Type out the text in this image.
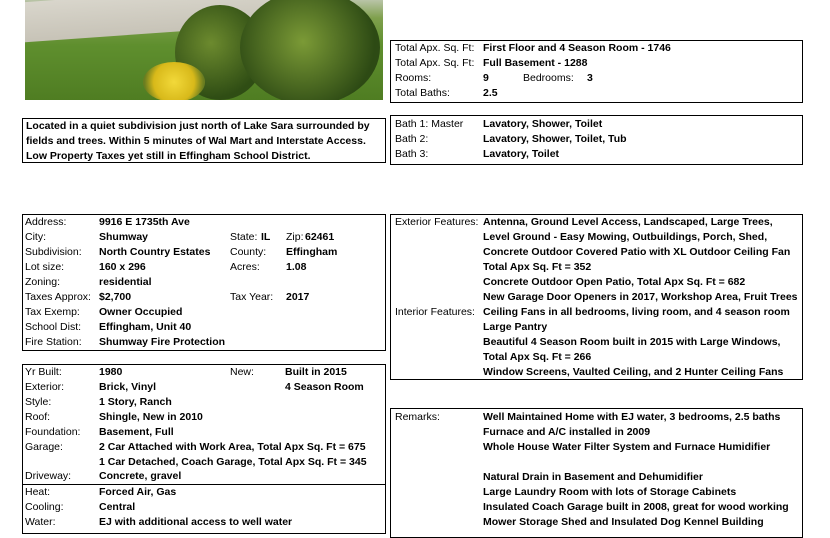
Located in a quiet subdivision just north of Lake Sara surrounded by fields and trees. Within 5 minutes of Wal Mart and Interstate Access. Low Property Taxes yet still in Effingham School District.
Total Apx. Sq. Ft: First Floor and 4 Season Room - 1746
Total Apx. Sq. Ft: Full Basement - 1288
Rooms:	9	Bedrooms: 3
Total Baths:	2.5
Bath 1: Master Lavatory, Shower, Toilet
Bath 2:	Lavatory, Shower, Toilet, Tub
Bath 3:	Lavatory, Toilet
Address:	9916 E 1735th Ave
City:	Shumway	State: IL Zip: 62461
Subdivision: North Country Estates County: Effingham
Lot size:	160 x 296	Acres: 1.08
Zoning:	residential
Taxes Approx: $2,700	Tax Year: 2017
Tax Exemp: Owner Occupied
School Dist: Effingham, Unit 40
Fire Station: Shumway Fire Protection
Yr Built:	1980	New:	Built in 2015
4 Season Room
Exterior:	Brick, Vinyl
Style:	1 Story, Ranch
Roof:	Shingle, New in 2010
Foundation: Basement, Full
Garage:	2 Car Attached with Work Area, Total Apx Sq. Ft = 675
1 Car Detached, Coach Garage, Total Apx Sq. Ft = 345
Driveway:	Concrete, gravel
Heat:	Forced Air, Gas
Cooling:	Central
Water:	EJ with additional access to well water
Exterior Features: Antenna, Ground Level Access, Landscaped, Large Trees,
Level Ground - Easy Mowing, Outbuildings, Porch, Shed,
Concrete Outdoor Covered Patio with XL Outdoor Ceiling Fan
Total Apx Sq. Ft = 352
Concrete Outdoor Open Patio, Total Apx Sq. Ft = 682
New Garage Door Openers in 2017, Workshop Area, Fruit Trees
Interior Features: Ceiling Fans in all bedrooms, living room, and 4 season room
Large Pantry
Beautiful 4 Season Room built in 2015 with Large Windows,
Total Apx Sq. Ft = 266
Window Screens, Vaulted Ceiling, and 2 Hunter Ceiling Fans
Remarks:	Well Maintained Home with EJ water, 3 bedrooms, 2.5 baths
Furnace and A/C installed in 2009
Whole House Water Filter System and Furnace Humidifier
Natural Drain in Basement and Dehumidifier
Large Laundry Room with lots of Storage Cabinets
Insulated Coach Garage built in 2008, great for wood working
Mower Storage Shed and Insulated Dog Kennel Building
